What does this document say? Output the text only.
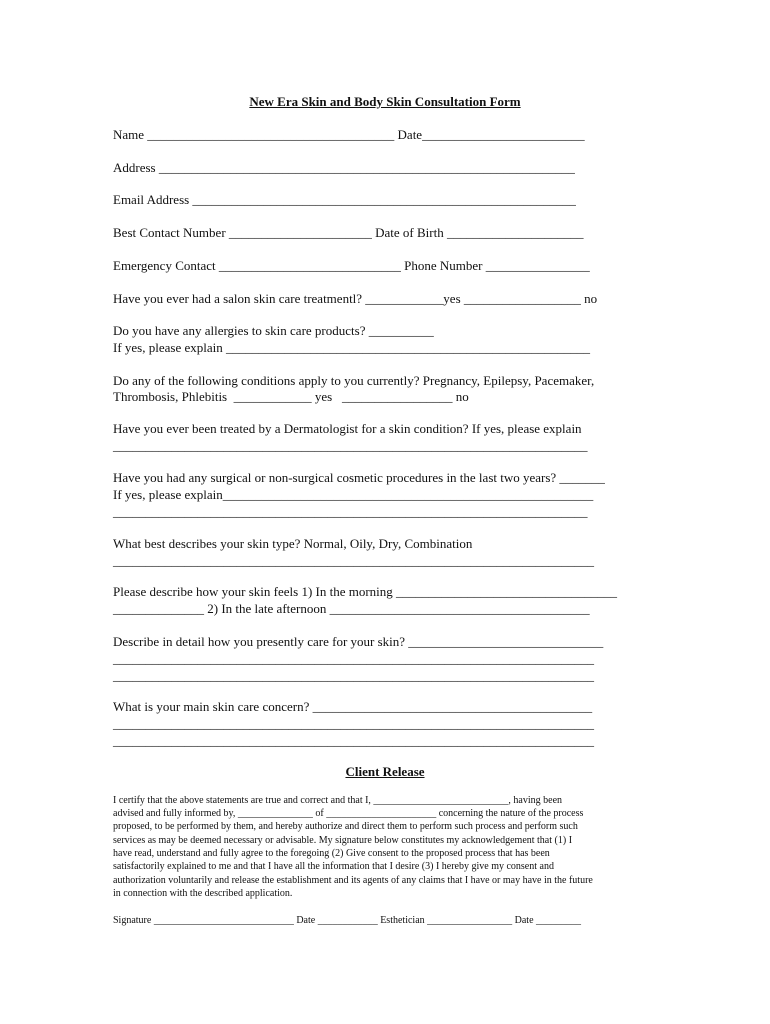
New Era Skin and Body Skin Consultation Form
Name ______________________________________ Date_________________________
Address ________________________________________________________________
Email Address ___________________________________________________________
Best Contact Number ______________________ Date of Birth _____________________
Emergency Contact ____________________________ Phone Number ________________
Have you ever had a salon skin care treatmentl? ____________yes __________________ no
Do you have any allergies to skin care products? __________
If yes, please explain ________________________________________________________
Do any of the following conditions apply to you currently? Pregnancy, Epilepsy, Pacemaker,
Thrombosis, Phlebitis  ____________ yes   _________________ no
Have you ever been treated by a Dermatologist for a skin condition? If yes, please explain
_________________________________________________________________________
Have you had any surgical or non-surgical cosmetic procedures in the last two years? _______
If yes, please explain_________________________________________________________
_________________________________________________________________________
What best describes your skin type? Normal, Oily, Dry, Combination
__________________________________________________________________________
Please describe how your skin feels 1) In the morning __________________________________
______________ 2) In the late afternoon ________________________________________
Describe in detail how you presently care for your skin? ______________________________
__________________________________________________________________________
__________________________________________________________________________
What is your main skin care concern? ___________________________________________
__________________________________________________________________________
__________________________________________________________________________
Client Release
I certify that the above statements are true and correct and that I, ___________________________, having been
advised and fully informed by, _______________ of ______________________ concerning the nature of the process
proposed, to be performed by them, and hereby authorize and direct them to perform such process and perform such
services as may be deemed necessary or advisable. My signature below constitutes my acknowledgement that (1) I
have read, understand and fully agree to the foregoing (2) Give consent to the proposed process that has been
satisfactorily explained to me and that I have all the information that I desire (3) I hereby give my consent and
authorization voluntarily and release the establishment and its agents of any claims that I have or may have in the future
in connection with the described application.
Signature ____________________________ Date ____________ Esthetician _________________ Date _________
